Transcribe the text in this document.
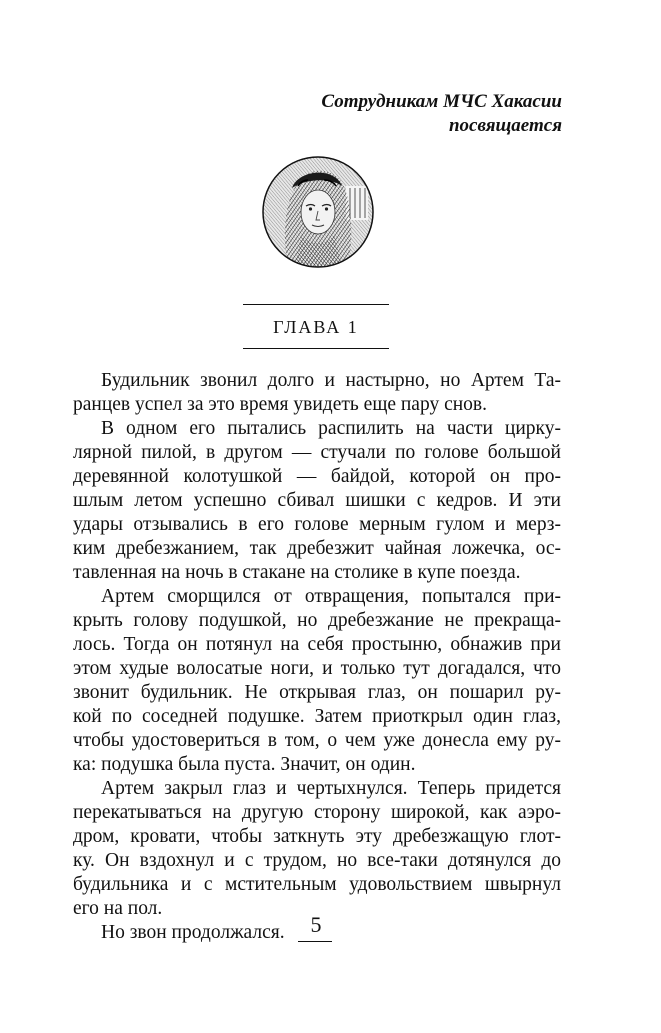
Сотрудникам МЧС Хакасии
посвящается
ГЛАВА 1
Будильник звонил долго и настырно, но Артем Та-
ранцев успел за это время увидеть еще пару снов.
В одном его пытались распилить на части цирку-
лярной пилой, в другом — стучали по голове большой
деревянной колотушкой — байдой, которой он про-
шлым летом успешно сбивал шишки с кедров. И эти
удары отзывались в его голове мерным гулом и мерз-
ким дребезжанием, так дребезжит чайная ложечка, ос-
тавленная на ночь в стакане на столике в купе поезда.
Артем сморщился от отвращения, попытался при-
крыть голову подушкой, но дребезжание не прекраща-
лось. Тогда он потянул на себя простыню, обнажив при
этом худые волосатые ноги, и только тут догадался, что
звонит будильник. Не открывая глаз, он пошарил ру-
кой по соседней подушке. Затем приоткрыл один глаз,
чтобы удостовериться в том, о чем уже донесла ему ру-
ка: подушка была пуста. Значит, он один.
Артем закрыл глаз и чертыхнулся. Теперь придется
перекатываться на другую сторону широкой, как аэро-
дром, кровати, чтобы заткнуть эту дребезжащую глот-
ку. Он вздохнул и с трудом, но все-таки дотянулся до
будильника и с мстительным удовольствием швырнул
его на пол.
Но звон продолжался.	5
